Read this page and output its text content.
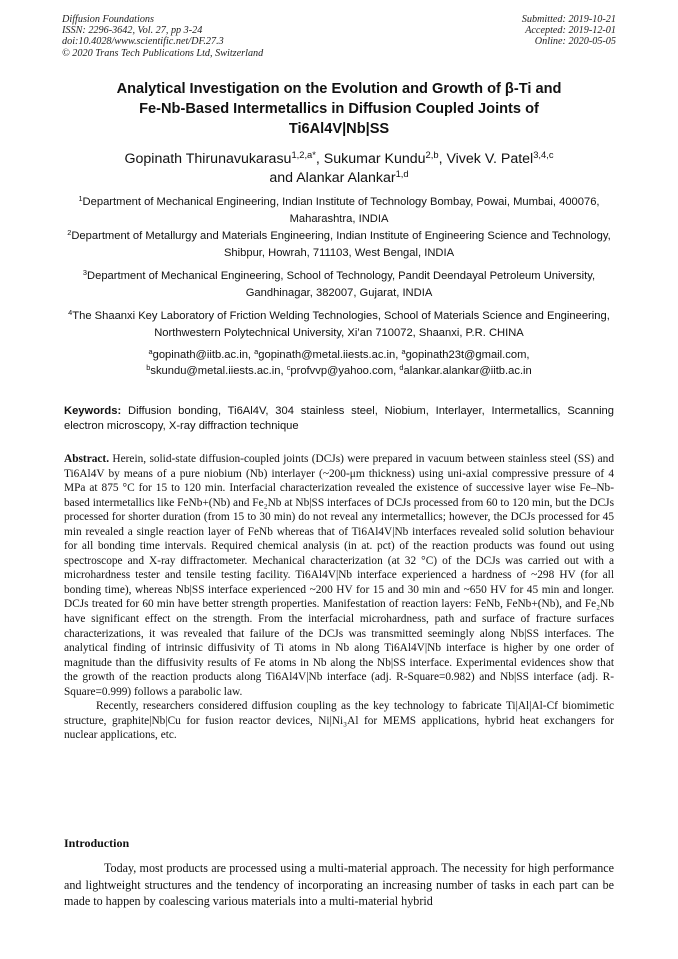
Diffusion Foundations
ISSN: 2296-3642, Vol. 27, pp 3-24
doi:10.4028/www.scientific.net/DF.27.3
© 2020 Trans Tech Publications Ltd, Switzerland
Submitted: 2019-10-21
Accepted: 2019-12-01
Online: 2020-05-05
Analytical Investigation on the Evolution and Growth of β-Ti and
Fe-Nb-Based Intermetallics in Diffusion Coupled Joints of
Ti6Al4V|Nb|SS
Gopinath Thirunavukarasu$^{1,2,a*}$, Sukumar Kundu$^{2,b}$, Vivek V. Patel$^{3,4,c}$
and Alankar Alankar$^{1,d}$
$^1$Department of Mechanical Engineering, Indian Institute of Technology Bombay, Powai, Mumbai, 400076, Maharashtra, INDIA
$^2$Department of Metallurgy and Materials Engineering, Indian Institute of Engineering Science and Technology, Shibpur, Howrah, 711103, West Bengal, INDIA
$^3$Department of Mechanical Engineering, School of Technology, Pandit Deendayal Petroleum University, Gandhinagar, 382007, Gujarat, INDIA
$^4$The Shaanxi Key Laboratory of Friction Welding Technologies, School of Materials Science and Engineering, Northwestern Polytechnical University, Xi’an 710072, Shaanxi, P.R. CHINA
$^a$gopinath@iitb.ac.in, $^a$gopinath@metal.iiests.ac.in, $^a$gopinath23t@gmail.com,
$^b$skundu@metal.iiests.ac.in, $^c$profvvp@yahoo.com, $^d$alankar.alankar@iitb.ac.in
Keywords: Diffusion bonding, Ti6Al4V, 304 stainless steel, Niobium, Interlayer, Intermetallics, Scanning electron microscopy, X-ray diffraction technique

Abstract. Herein, solid-state diffusion-coupled joints (DCJs) were prepared in vacuum between stainless steel (SS) and Ti6Al4V by means of a pure niobium (Nb) interlayer (~200-μm thickness) using uni-axial compressive pressure of 4 MPa at 875 °C for 15 to 120 min. Interfacial characterization revealed the existence of successive layer wise Fe–Nb-based intermetallics like FeNb+(Nb) and Fe₂Nb at Nb|SS interfaces of DCJs processed from 60 to 120 min, but the DCJs processed for shorter duration (from 15 to 30 min) do not reveal any intermetallics; however, the DCJs processed for 45 min revealed a single reaction layer of FeNb whereas that of Ti6Al4V|Nb interfaces revealed solid solution behaviour for all bonding time intervals. Required chemical analysis (in at. pct) of the reaction products was found out using spectroscope and X-ray diffractometer. Mechanical characterization (at 32 °C) of the DCJs was carried out with a microhardness tester and tensile testing facility. Ti6Al4V|Nb interface experienced a hardness of ~298 HV (for all bonding time), whereas Nb|SS interface experienced ~200 HV for 15 and 30 min and ~650 HV for 45 min and longer. DCJs treated for 60 min have better strength properties. Manifestation of reaction layers: FeNb, FeNb+(Nb), and Fe₂Nb have significant effect on the strength. From the interfacial microhardness, path and surface of fracture surfaces characterizations, it was revealed that failure of the DCJs was transmitted seemingly along Nb|SS interfaces. The analytical finding of intrinsic diffusivity of Ti atoms in Nb along Ti6Al4V|Nb interface is higher by one order of magnitude than the diffusivity results of Fe atoms in Nb along the Nb|SS interface. Experimental evidences show that the growth of the reaction products along Ti6Al4V|Nb interface (adj. R-Square=0.982) and Nb|SS interface (adj. R-Square=0.999) follows a parabolic law.

Recently, researchers considered diffusion coupling as the key technology to fabricate Ti|Al|Al-Cf biomimetic structure, graphite|Nb|Cu for fusion reactor devices, Ni|Ni₃Al for MEMS applications, hybrid heat exchangers for nuclear applications, etc.

Introduction

Today, most products are processed using a multi-material approach. The necessity for high performance and lightweight structures and the tendency of incorporating an increasing number of tasks in each part can be made to happen by coalescing various materials into a multi-material hybrid
